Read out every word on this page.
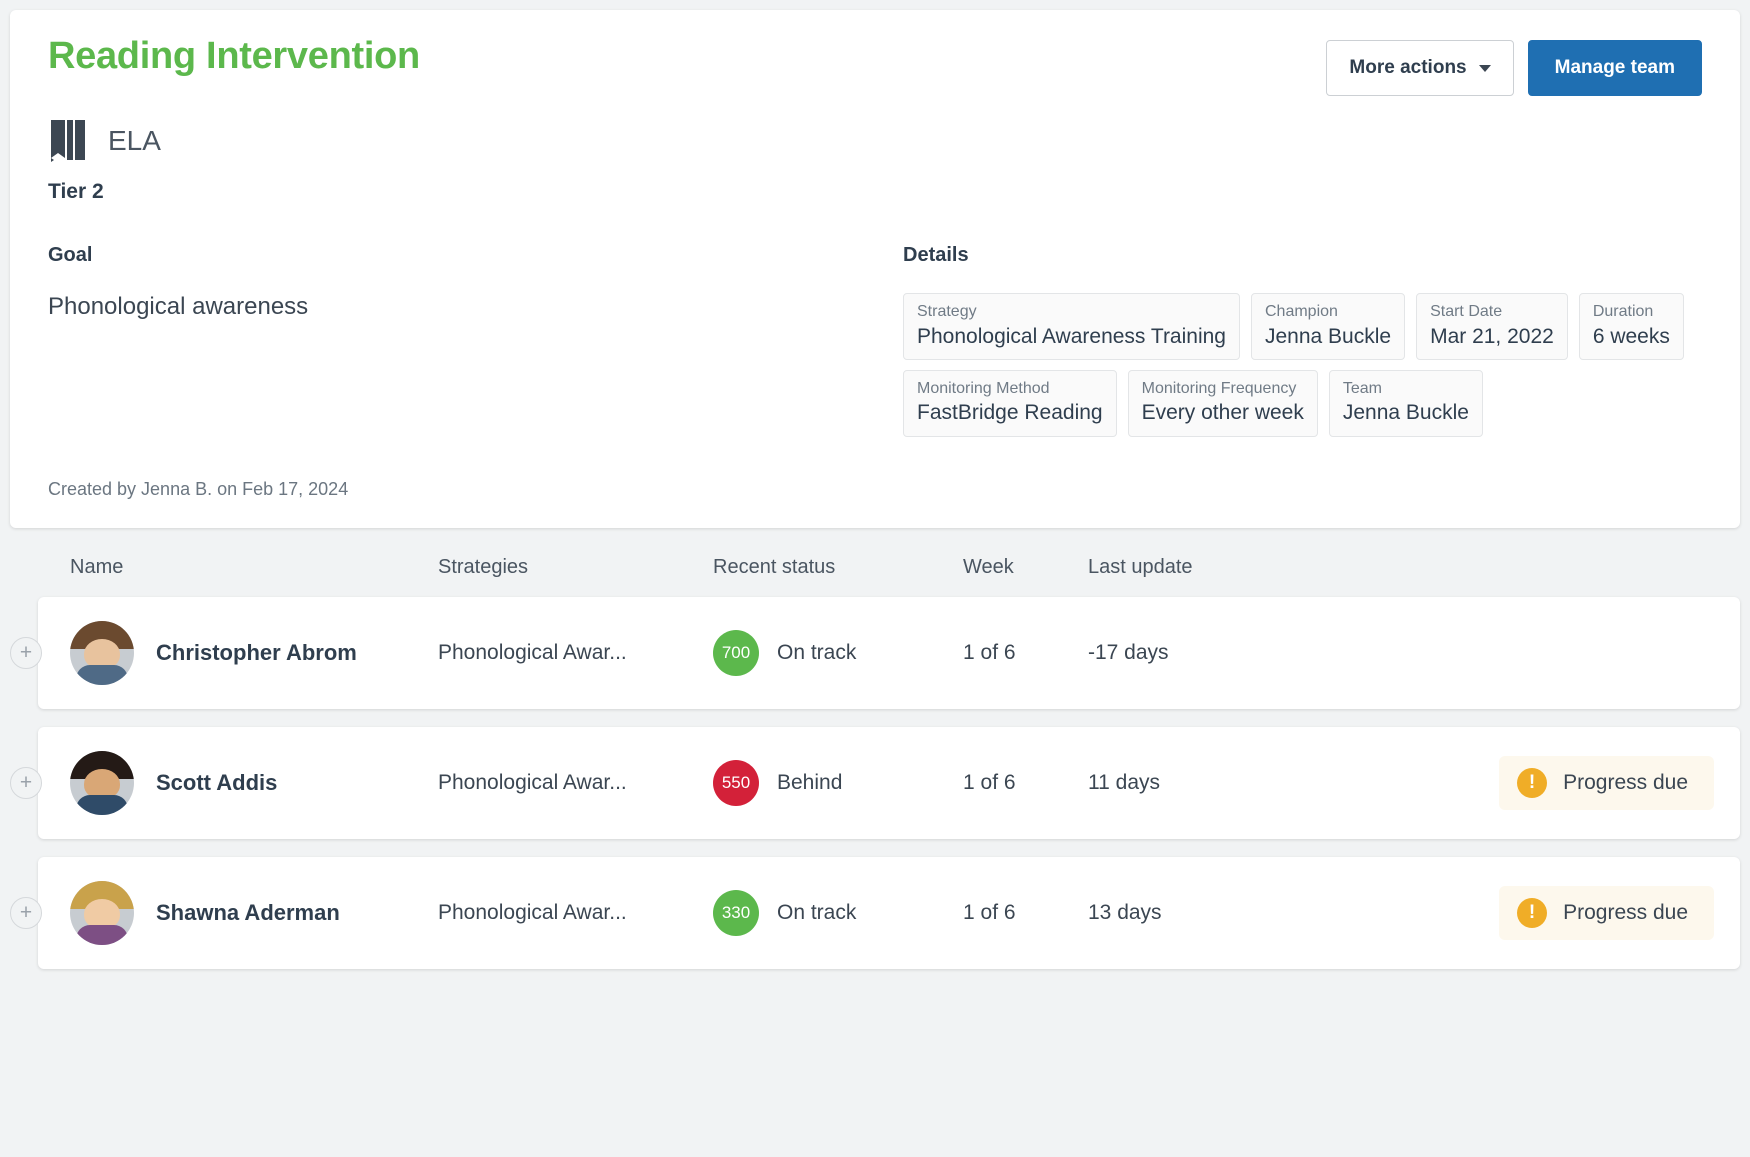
Reading Intervention	More actions	Manage team
ELA
Tier 2
Goal
Phonological awareness
Details
Strategy
Phonological Awareness Training
Champion
Jenna Buckle
Start Date
Mar 21, 2022
Duration
6 weeks
Monitoring Method
FastBridge Reading
Monitoring Frequency
Every other week
Team
Jenna Buckle
Created by Jenna B. on Feb 17, 2024
Name	Strategies	Recent status	Week	Last update
+	Christopher Abrom	Phonological Awar...	700	On track	1 of 6	-17 days
+	Scott Addis	Phonological Awar...	550	Behind	1 of 6	11 days	!	Progress due
+	Shawna Aderman	Phonological Awar...	330	On track	1 of 6	13 days	!	Progress due
